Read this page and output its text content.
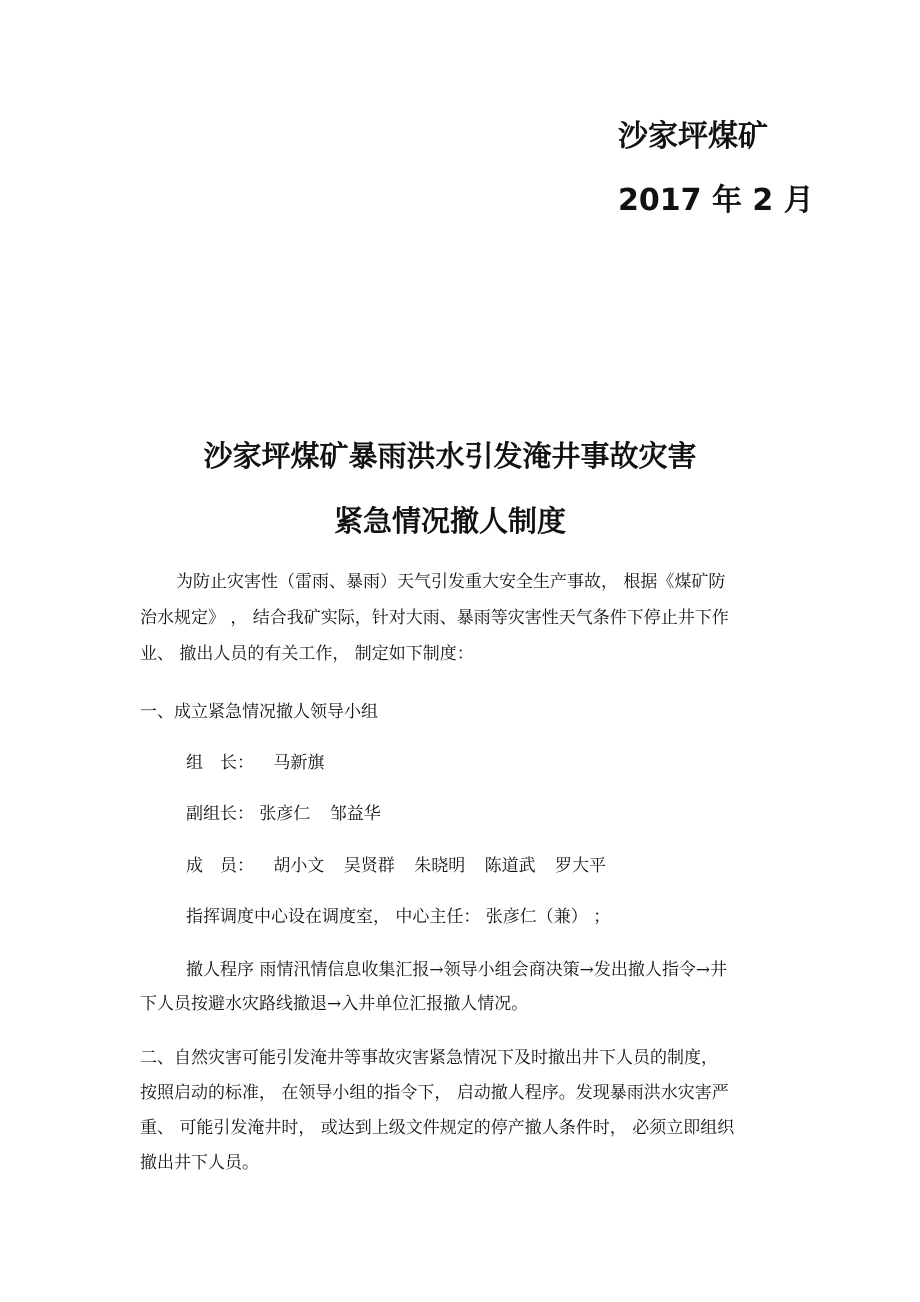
沙家坪煤矿
2017 年 2 月
沙家坪煤矿暴雨洪水引发淹井事故灾害
紧急情况撤人制度
为防止灾害性（雷雨、暴雨）天气引发重大安全生产事故， 根据《煤矿防
治水规定》 ， 结合我矿实际，针对大雨、暴雨等灾害性天气条件下停止井下作
业、 撤出人员的有关工作， 制定如下制度：
一、成立紧急情况撤人领导小组
组　长： 马新旗
副组长： 张彦仁 邹益华
成　员： 胡小文 吴贤群 朱晓明 陈道武 罗大平
指挥调度中心设在调度室， 中心主任： 张彦仁（兼） ；
撤人程序 雨情汛情信息收集汇报→领导小组会商决策→发出撤人指令→井
下人员按避水灾路线撤退→入井单位汇报撤人情况。
二、自然灾害可能引发淹井等事故灾害紧急情况下及时撤出井下人员的制度，
按照启动的标准， 在领导小组的指令下， 启动撤人程序。发现暴雨洪水灾害严
重、 可能引发淹井时， 或达到上级文件规定的停产撤人条件时， 必须立即组织
撤出井下人员。
